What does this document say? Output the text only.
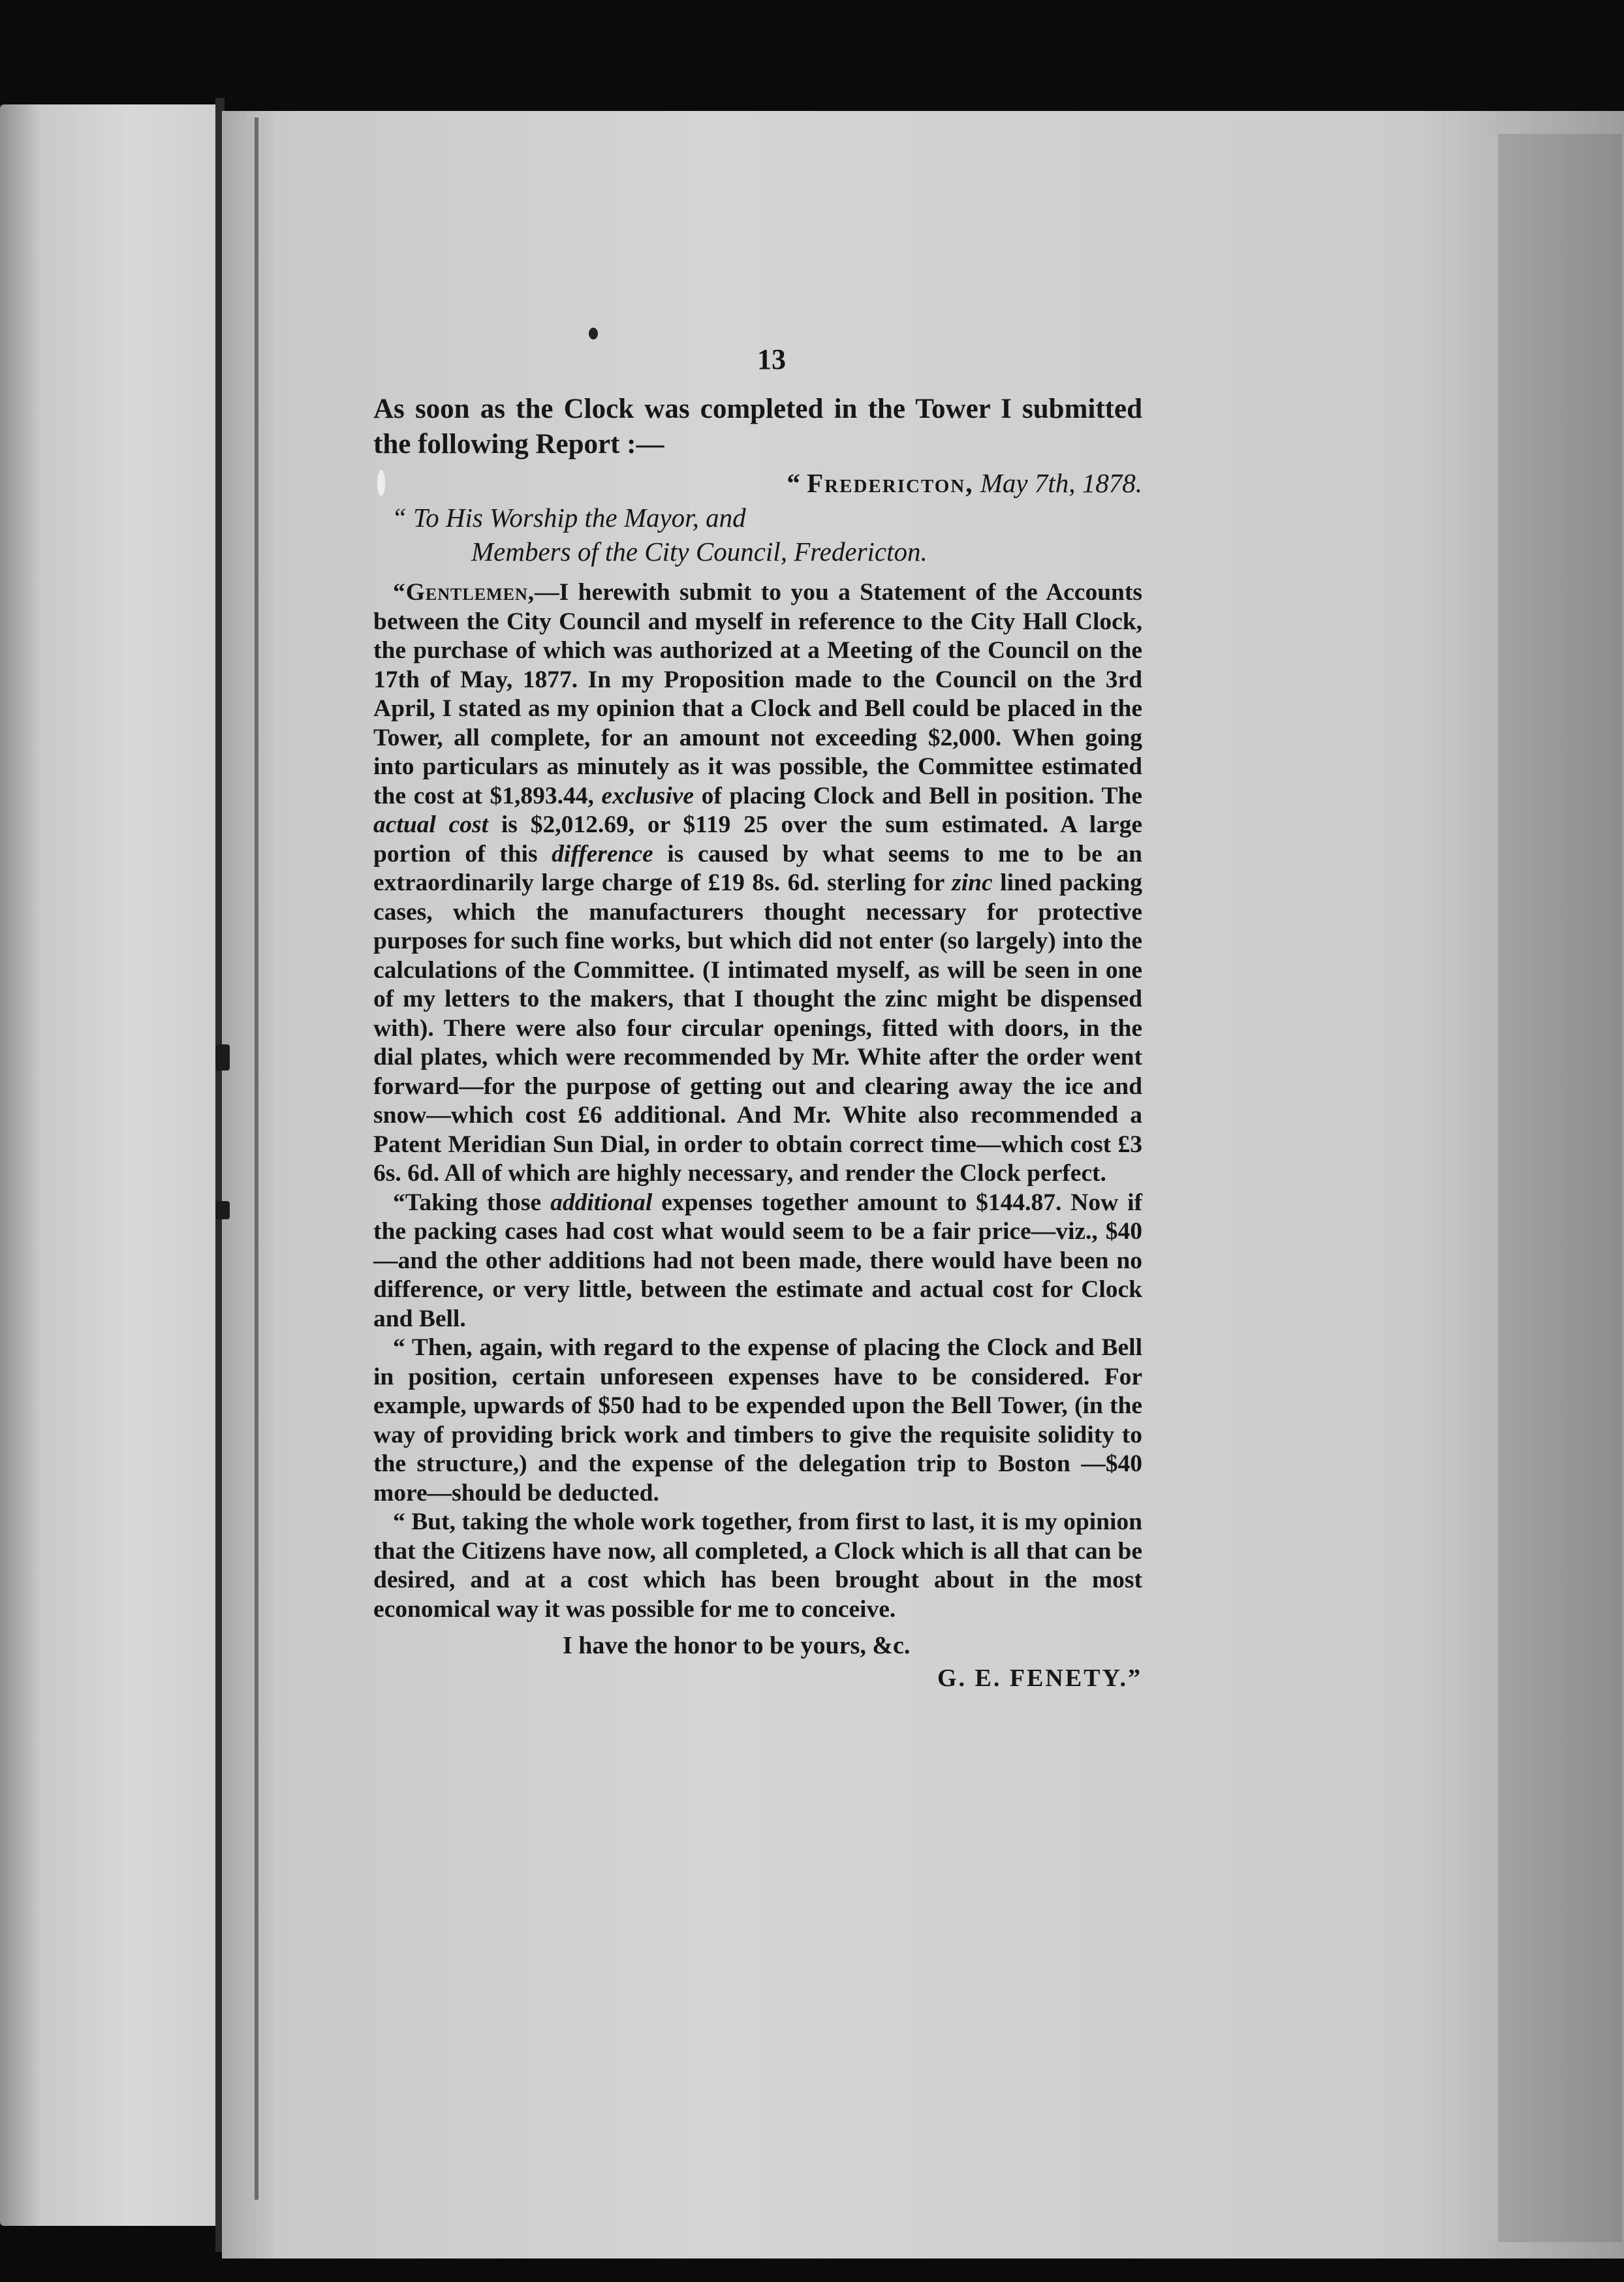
13

As soon as the Clock was completed in the Tower I submitted the following Report :—

“ Fredericton, May 7th, 1878.

“ To His Worship the Mayor, and
Members of the City Council, Fredericton.

“Gentlemen,—I herewith submit to you a Statement of the Accounts between the City Council and myself in reference to the City Hall Clock, the purchase of which was authorized at a Meeting of the Council on the 17th of May, 1877. In my Proposition made to the Council on the 3rd April, I stated as my opinion that a Clock and Bell could be placed in the Tower, all complete, for an amount not exceeding $2,000. When going into particulars as minutely as it was possible, the Committee estimated the cost at $1,893.44, exclusive of placing Clock and Bell in position. The actual cost is $2,012.69, or $119 25 over the sum estimated. A large portion of this difference is caused by what seems to me to be an extraordinarily large charge of £19 8s. 6d. sterling for zinc lined packing cases, which the manufacturers thought necessary for protective purposes for such fine works, but which did not enter (so largely) into the calculations of the Committee. (I intimated myself, as will be seen in one of my letters to the makers, that I thought the zinc might be dispensed with). There were also four circular openings, fitted with doors, in the dial plates, which were recommended by Mr. White after the order went forward—for the purpose of getting out and clearing away the ice and snow—which cost £6 additional. And Mr. White also recommended a Patent Meridian Sun Dial, in order to obtain correct time—which cost £3 6s. 6d. All of which are highly necessary, and render the Clock perfect.

“Taking those additional expenses together amount to $144.87. Now if the packing cases had cost what would seem to be a fair price—viz., $40—and the other additions had not been made, there would have been no difference, or very little, between the estimate and actual cost for Clock and Bell.

“ Then, again, with regard to the expense of placing the Clock and Bell in position, certain unforeseen expenses have to be considered. For example, upwards of $50 had to be expended upon the Bell Tower, (in the way of providing brick work and timbers to give the requisite solidity to the structure,) and the expense of the delegation trip to Boston —$40 more—should be deducted.

“ But, taking the whole work together, from first to last, it is my opinion that the Citizens have now, all completed, a Clock which is all that can be desired, and at a cost which has been brought about in the most economical way it was possible for me to conceive.

I have the honor to be yours, &c.

G. E. FENETY.”
